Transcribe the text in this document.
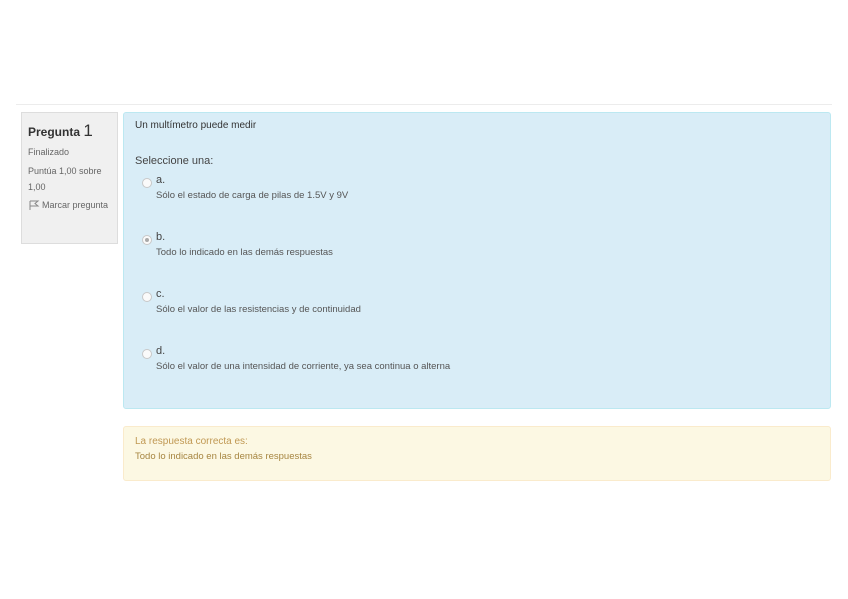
Pregunta 1
Finalizado
Puntúa 1,00 sobre 1,00
Marcar pregunta
Un multímetro puede medir
Seleccione una:
a.
Sólo el estado de carga de pilas de 1.5V y 9V
b.
Todo lo indicado en las demás respuestas
c.
Sólo el valor de las resistencias y de continuidad
d.
Sólo el valor de una intensidad de corriente, ya sea continua o alterna
La respuesta correcta es:
Todo lo indicado en las demás respuestas
